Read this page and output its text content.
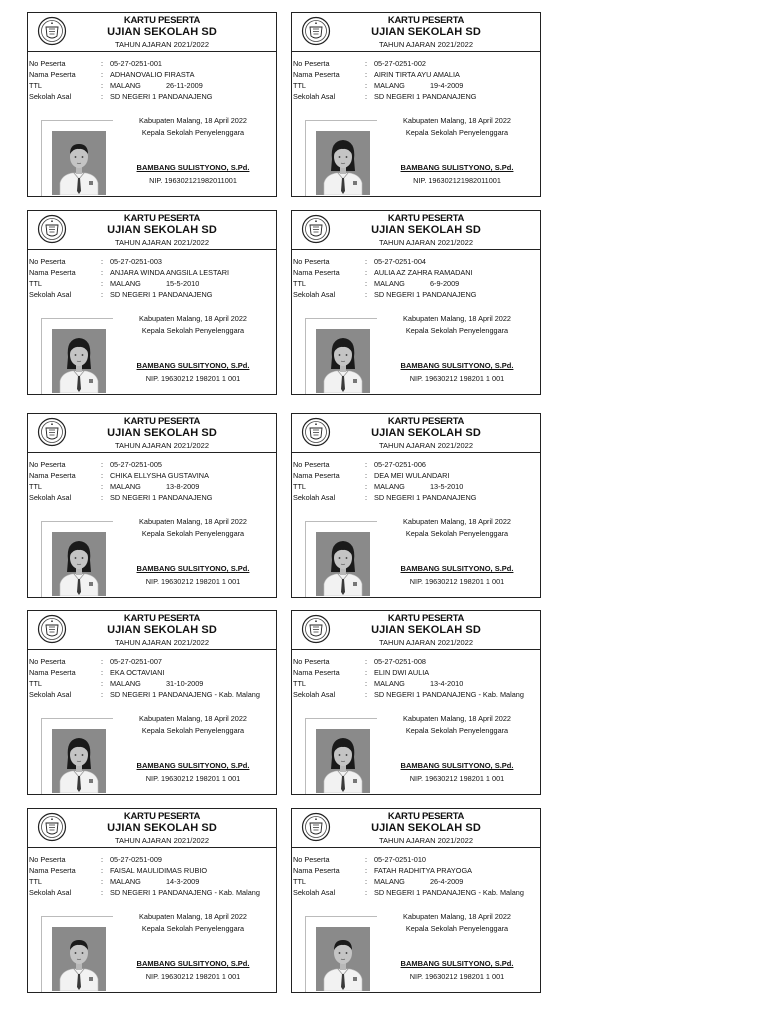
KARTU PESERTA
UJIAN SEKOLAH SD
TAHUN AJARAN 2021/2022
No Peserta	: 05-27-0251-001
Nama Peserta	: ADHANOVALIO FIRASTA
TTL	: MALANG	26-11-2009
Sekolah Asal	: SD NEGERI 1 PANDANAJENG
Kabupaten Malang, 18 April 2022
Kepala Sekolah Penyelenggara
BAMBANG SULISTYONO, S.Pd.
NIP. 196302121982011001
KARTU PESERTA
UJIAN SEKOLAH SD
TAHUN AJARAN 2021/2022
No Peserta	: 05-27-0251-002
Nama Peserta	: AIRIN TIRTA AYU AMALIA
TTL	: MALANG	19-4-2009
Sekolah Asal	: SD NEGERI 1 PANDANAJENG
Kabupaten Malang, 18 April 2022
Kepala Sekolah Penyelenggara
BAMBANG SULISTYONO, S.Pd.
NIP. 196302121982011001
KARTU PESERTA
UJIAN SEKOLAH SD
TAHUN AJARAN 2021/2022
No Peserta	: 05-27-0251-003
Nama Peserta	: ANJARA WINDA ANGSILA LESTARI
TTL	: MALANG	15-5-2010
Sekolah Asal	: SD NEGERI 1 PANDANAJENG
Kabupaten Malang, 18 April 2022
Kepala Sekolah Penyelenggara
BAMBANG SULSITYONO, S.Pd.
NIP. 19630212 198201 1 001
KARTU PESERTA
UJIAN SEKOLAH SD
TAHUN AJARAN 2021/2022
No Peserta	: 05-27-0251-004
Nama Peserta	: AULIA AZ ZAHRA RAMADANI
TTL	: MALANG	6-9-2009
Sekolah Asal	: SD NEGERI 1 PANDANAJENG
Kabupaten Malang, 18 April 2022
Kepala Sekolah Penyelenggara
BAMBANG SULSITYONO, S.Pd.
NIP. 19630212 198201 1 001
KARTU PESERTA
UJIAN SEKOLAH SD
TAHUN AJARAN 2021/2022
No Peserta	: 05-27-0251-005
Nama Peserta	: CHIKA ELLYSHA GUSTAVINA
TTL	: MALANG	13-8-2009
Sekolah Asal	: SD NEGERI 1 PANDANAJENG
Kabupaten Malang, 18 April 2022
Kepala Sekolah Penyelenggara
BAMBANG SULSITYONO, S.Pd.
NIP. 19630212 198201 1 001
KARTU PESERTA
UJIAN SEKOLAH SD
TAHUN AJARAN 2021/2022
No Peserta	: 05-27-0251-006
Nama Peserta	: DEA MEI WULANDARI
TTL	: MALANG	13-5-2010
Sekolah Asal	: SD NEGERI 1 PANDANAJENG
Kabupaten Malang, 18 April 2022
Kepala Sekolah Penyelenggara
BAMBANG SULSITYONO, S.Pd.
NIP. 19630212 198201 1 001
KARTU PESERTA
UJIAN SEKOLAH SD
TAHUN AJARAN 2021/2022
No Peserta	: 05-27-0251-007
Nama Peserta	: EKA OCTAVIANI
TTL	: MALANG	31-10-2009
Sekolah Asal	: SD NEGERI 1 PANDANAJENG - Kab. Malang
Kabupaten Malang, 18 April 2022
Kepala Sekolah Penyelenggara
BAMBANG SULSITYONO, S.Pd.
NIP. 19630212 198201 1 001
KARTU PESERTA
UJIAN SEKOLAH SD
TAHUN AJARAN 2021/2022
No Peserta	: 05-27-0251-008
Nama Peserta	: ELIN DWI AULIA
TTL	: MALANG	13-4-2010
Sekolah Asal	: SD NEGERI 1 PANDANAJENG - Kab. Malang
Kabupaten Malang, 18 April 2022
Kepala Sekolah Penyelenggara
BAMBANG SULSITYONO, S.Pd.
NIP. 19630212 198201 1 001
KARTU PESERTA
UJIAN SEKOLAH SD
TAHUN AJARAN 2021/2022
No Peserta	: 05-27-0251-009
Nama Peserta	: FAISAL MAULIDIMAS RUBIO
TTL	: MALANG	14-3-2009
Sekolah Asal	: SD NEGERI 1 PANDANAJENG - Kab. Malang
Kabupaten Malang, 18 April 2022
Kepala Sekolah Penyelenggara
BAMBANG SULSITYONO, S.Pd.
NIP. 19630212 198201 1 001
KARTU PESERTA
UJIAN SEKOLAH SD
TAHUN AJARAN 2021/2022
No Peserta	: 05-27-0251-010
Nama Peserta	: FATAH RADHITYA PRAYOGA
TTL	: MALANG	26-4-2009
Sekolah Asal	: SD NEGERI 1 PANDANAJENG - Kab. Malang
Kabupaten Malang, 18 April 2022
Kepala Sekolah Penyelenggara
BAMBANG SULSITYONO, S.Pd.
NIP. 19630212 198201 1 001
